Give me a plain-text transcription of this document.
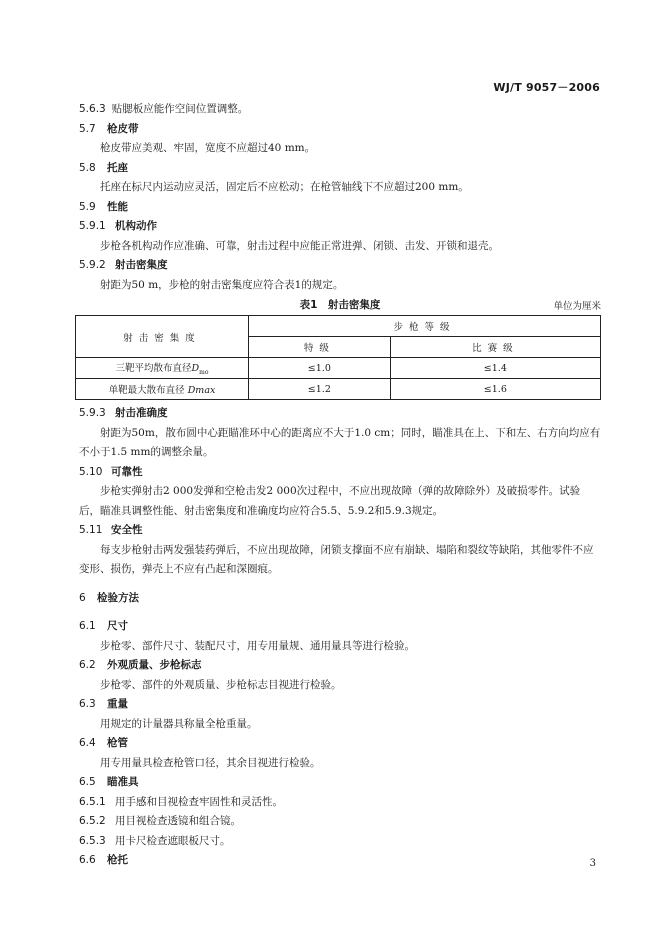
WJ/T 9057－2006
5.6.3 贴腮板应能作空间位置调整。
5.7 枪皮带
枪皮带应美观、牢固，宽度不应超过40 mm。
5.8 托座
托座在标尺内运动应灵活，固定后不应松动；在枪管轴线下不应超过200 mm。
5.9 性能
5.9.1 机构动作
步枪各机构动作应准确、可靠，射击过程中应能正常进弹、闭锁、击发、开锁和退壳。
5.9.2 射击密集度
射距为50 m，步枪的射击密集度应符合表1的规定。
表1　射击密集度	单位为厘米
射击密集度	步枪等级	
	特级	比赛级
三靶平均散布直径$D_{mo}$	≤1.0	≤1.4
单靶最大散布直径 Dmax	≤1.2	≤1.6
5.9.3 射击准确度
射距为50m，散布圆中心距瞄准环中心的距离应不大于1.0 cm；同时，瞄准具在上、下和左、右方向均应有不小于1.5 mm的调整余量。
5.10 可靠性
步枪实弹射击2 000发弹和空枪击发2 000次过程中，不应出现故障（弹的故障除外）及破损零件。试验后，瞄准具调整性能、射击密集度和准确度均应符合5.5、5.9.2和5.9.3规定。
5.11 安全性
每支步枪射击两发强装药弹后，不应出现故障，闭锁支撑面不应有崩缺、塌陷和裂纹等缺陷，其他零件不应变形、损伤，弹壳上不应有凸起和深圈痕。
6 检验方法
6.1 尺寸
步枪零、部件尺寸、装配尺寸，用专用量规、通用量具等进行检验。
6.2 外观质量、步枪标志
步枪零、部件的外观质量、步枪标志目视进行检验。
6.3 重量
用规定的计量器具称量全枪重量。
6.4 枪管
用专用量具检查枪管口径，其余目视进行检验。
6.5 瞄准具
6.5.1 用手感和目视检查牢固性和灵活性。
6.5.2 用目视检查透镜和组合镜。
6.5.3 用卡尺检查遮眼板尺寸。
6.6 枪托	3
